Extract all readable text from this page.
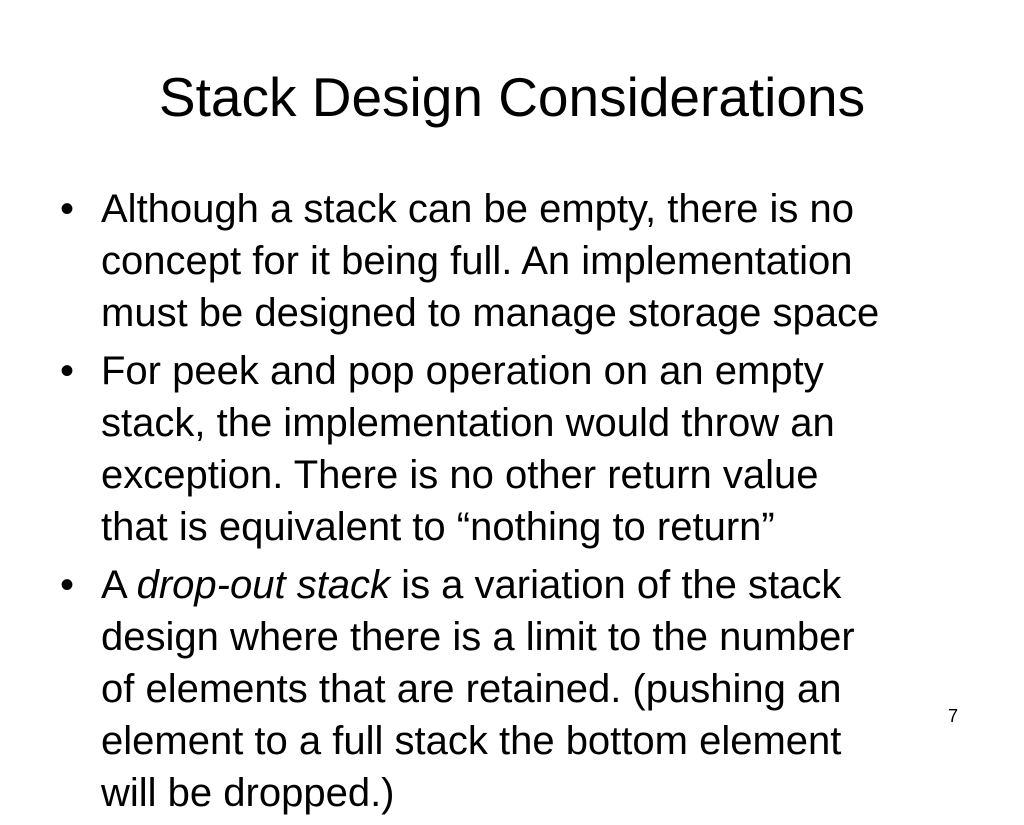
Stack Design Considerations
• Although a stack can be empty, there is no
concept for it being full. An implementation
must be designed to manage storage space
• For peek and pop operation on an empty
stack, the implementation would throw an
exception. There is no other return value
that is equivalent to “nothing to return”
• A drop-out stack is a variation of the stack
design where there is a limit to the number
of elements that are retained. (pushing an
element to a full stack the bottom element
will be dropped.)
7
